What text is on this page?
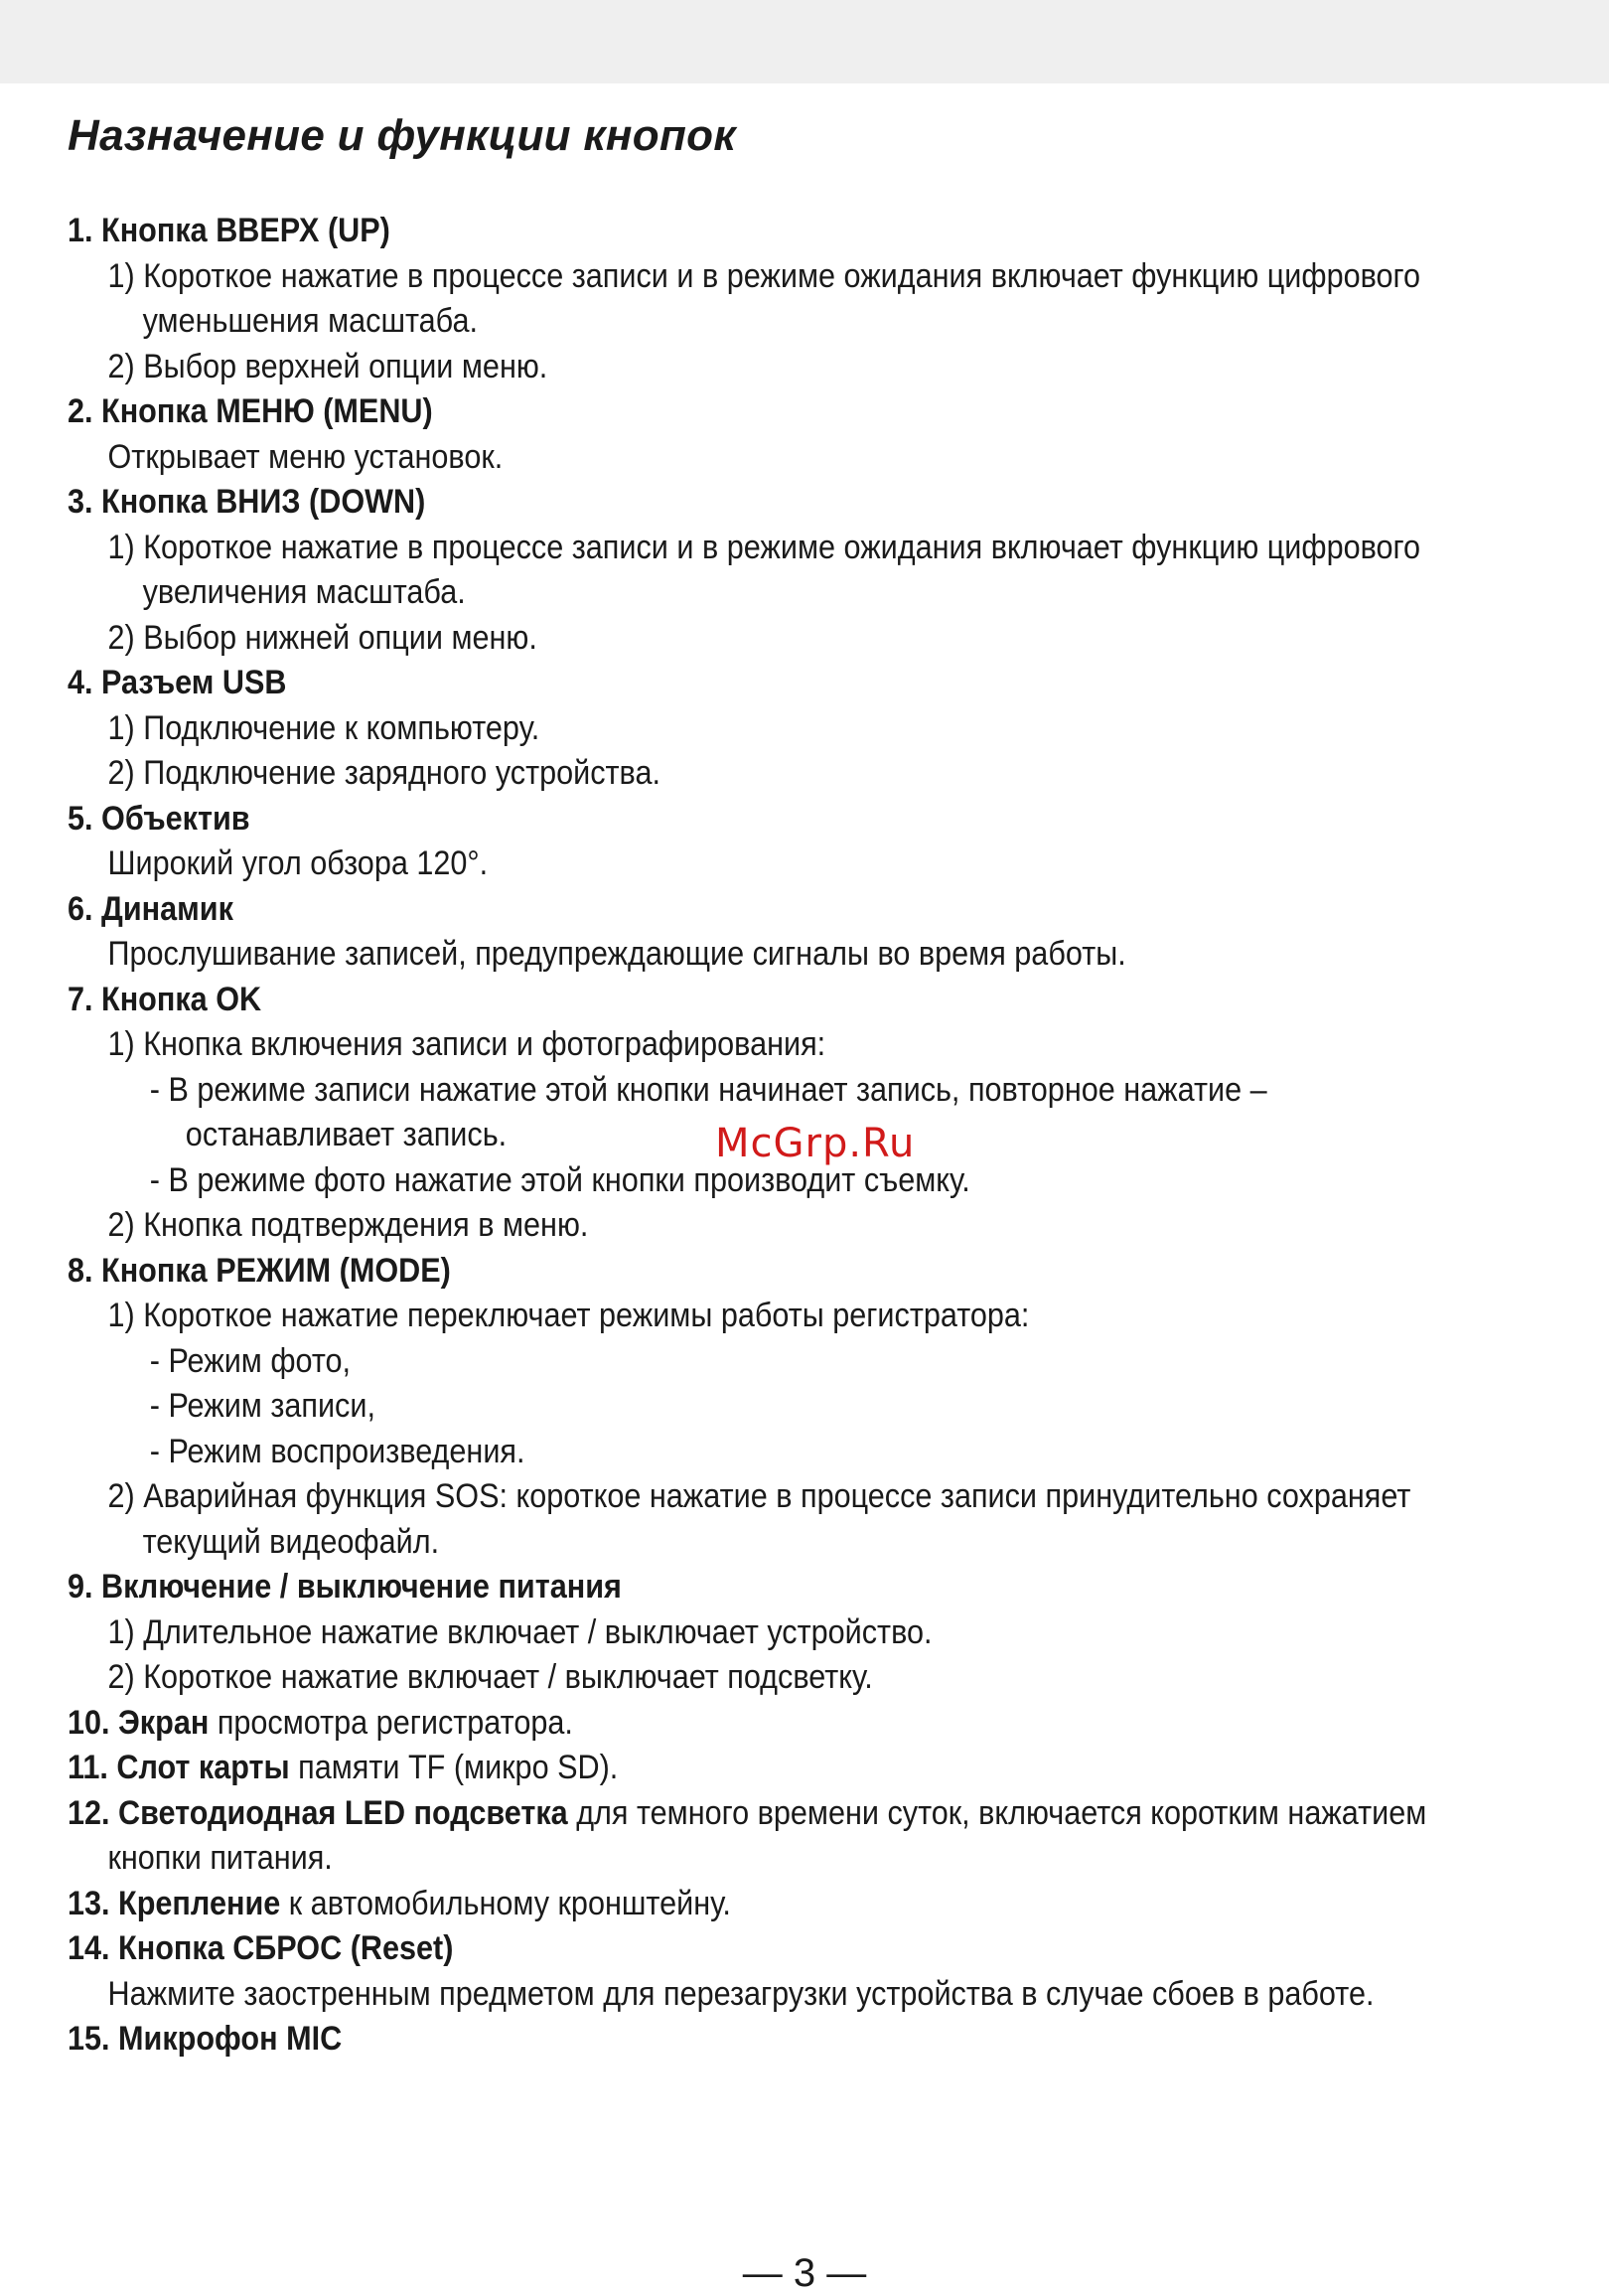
Назначение и функции кнопок
1. Кнопка ВВЕРХ (UP)
1) Короткое нажатие в процессе записи и в режиме ожидания включает функцию цифрового
уменьшения масштаба.
2) Выбор верхней опции меню.
2. Кнопка МЕНЮ (MENU)
Открывает меню установок.
3. Кнопка ВНИЗ (DOWN)
1) Короткое нажатие в процессе записи и в режиме ожидания включает функцию цифрового
увеличения масштаба.
2) Выбор нижней опции меню.
4. Разъем USB
1) Подключение к компьютеру.
2) Подключение зарядного устройства.
5. Объектив
Широкий угол обзора 120°.
6. Динамик
Прослушивание записей, предупреждающие сигналы во время работы.
7. Кнопка OK
1) Кнопка включения записи и фотографирования:
- В режиме записи нажатие этой кнопки начинает запись, повторное нажатие –
останавливает запись.
- В режиме фото нажатие этой кнопки производит съемку.
2) Кнопка подтверждения в меню.
8. Кнопка РЕЖИМ (MODE)
1) Короткое нажатие переключает режимы работы регистратора:
- Режим фото,
- Режим записи,
- Режим воспроизведения.
2) Аварийная функция SOS: короткое нажатие в процессе записи принудительно сохраняет
текущий видеофайл.
9. Включение / выключение питания
1) Длительное нажатие включает / выключает устройство.
2) Короткое нажатие включает / выключает подсветку.
10. Экран просмотра регистратора.
11. Слот карты памяти TF (микро SD).
12. Светодиодная LED подсветка для темного времени суток, включается коротким нажатием
кнопки питания.
13. Крепление к автомобильному кронштейну.
14. Кнопка СБРОС (Reset)
Нажмите заостренным предметом для перезагрузки устройства в случае сбоев в работе.
15. Микрофон MIC
McGrp.Ru
— 3 —
